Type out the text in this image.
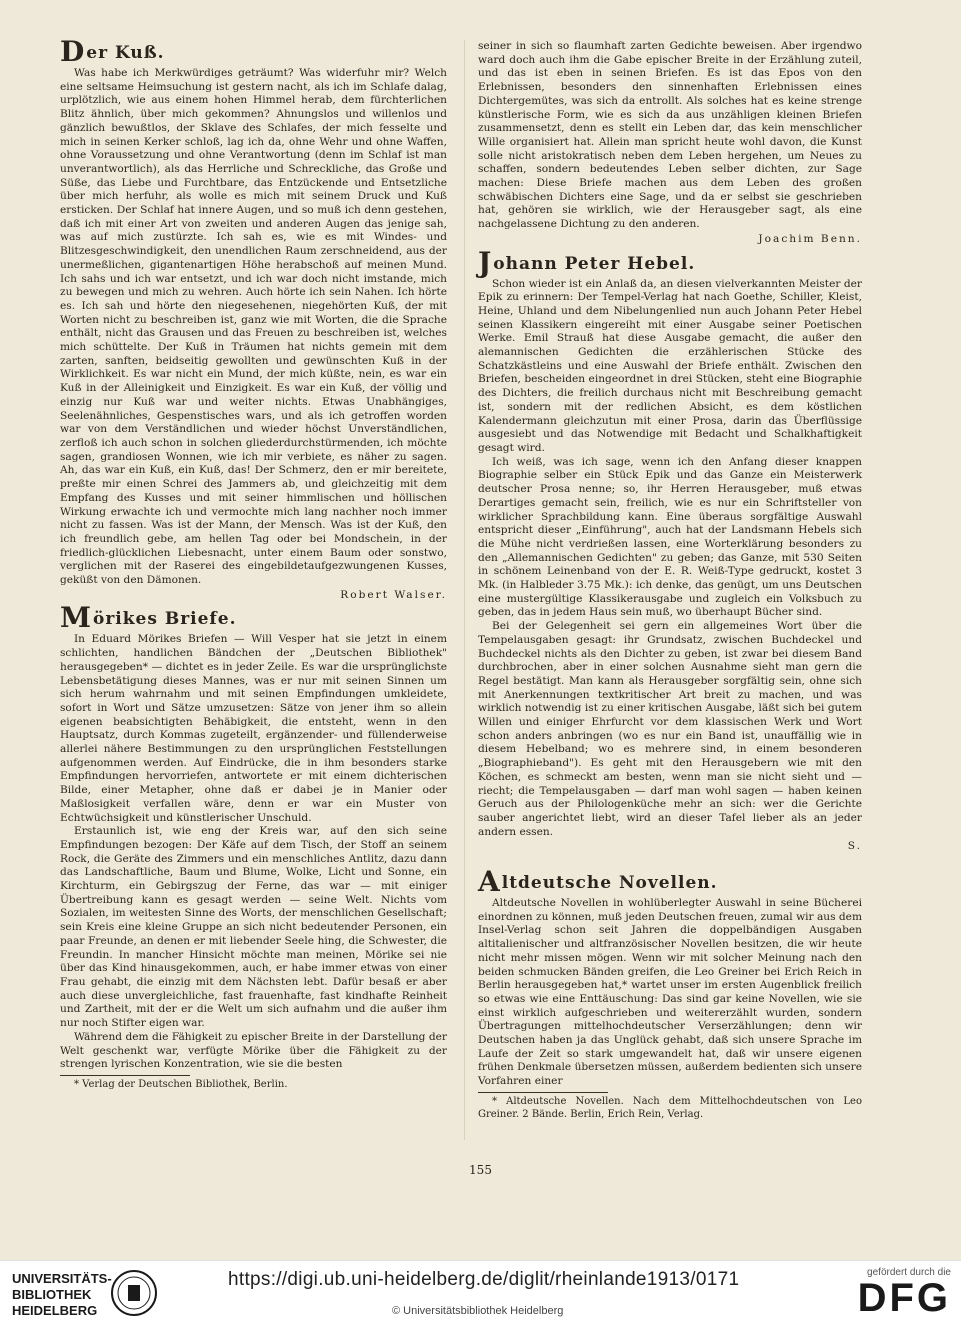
Der Kuß.

Was habe ich Merkwürdiges geträumt? Was widerfuhr mir? Welch eine seltsame Heimsuchung ist gestern nacht, als ich im Schlafe dalag, urplötzlich, wie aus einem hohen Himmel herab, dem fürchterlichen Blitz ähnlich, über mich gekommen? Ahnungslos und willenlos und gänzlich bewußtlos, der Sklave des Schlafes, der mich fesselte und mich in seinen Kerker schloß, lag ich da, ohne Wehr und ohne Waffen, ohne Voraussetzung und ohne Verantwortung (denn im Schlaf ist man unverantwortlich), als das Herrliche und Schreckliche, das Große und Süße, das Liebe und Furchtbare, das Entzückende und Entsetzliche über mich herfuhr, als wolle es mich mit seinem Druck und Kuß ersticken. Der Schlaf hat innere Augen, und so muß ich denn gestehen, daß ich mit einer Art von zweiten und anderen Augen das jenige sah, was auf mich zustürzte. Ich sah es, wie es mit Windes- und Blitzesgeschwindigkeit, den unendlichen Raum zerschneidend, aus der unermeßlichen, gigantenartigen Höhe herabschoß auf meinen Mund. Ich sahs und ich war entsetzt, und ich war doch nicht imstande, mich zu bewegen und mich zu wehren. Auch hörte ich sein Nahen. Ich hörte es. Ich sah und hörte den niegesehenen, niegehörten Kuß, der mit Worten nicht zu beschreiben ist, ganz wie mit Worten, die die Sprache enthält, nicht das Grausen und das Freuen zu beschreiben ist, welches mich schüttelte. Der Kuß in Träumen hat nichts gemein mit dem zarten, sanften, beidseitig gewollten und gewünschten Kuß in der Wirklichkeit. Es war nicht ein Mund, der mich küßte, nein, es war ein Kuß in der Alleinigkeit und Einzigkeit. Es war ein Kuß, der völlig und einzig nur Kuß war und weiter nichts. Etwas Unabhängiges, Seelenähnliches, Gespenstisches wars, und als ich getroffen worden war von dem Verständlichen und wieder höchst Unverständlichen, zerfloß ich auch schon in solchen gliederdurchstürmenden, ich möchte sagen, grandiosen Wonnen, wie ich mir verbiete, es näher zu sagen. Ah, das war ein Kuß, ein Kuß, das! Der Schmerz, den er mir bereitete, preßte mir einen Schrei des Jammers ab, und gleichzeitig mit dem Empfang des Kusses und mit seiner himmlischen und höllischen Wirkung erwachte ich und vermochte mich lang nachher noch immer nicht zu fassen. Was ist der Mann, der Mensch. Was ist der Kuß, den ich freundlich gebe, am hellen Tag oder bei Mondschein, in der friedlich-glücklichen Liebesnacht, unter einem Baum oder sonstwo, verglichen mit der Raserei des eingebildetaufgezwungenen Kusses, geküßt von den Dämonen.

Robert Walser.
Mörikes Briefe.

In Eduard Mörikes Briefen — Will Vesper hat sie jetzt in einem schlichten, handlichen Bändchen der „Deutschen Bibliothek" herausgegeben* — dichtet es in jeder Zeile. Es war die ursprünglichste Lebensbetätigung dieses Mannes, was er nur mit seinen Sinnen um sich herum wahrnahm und mit seinen Empfindungen umkleidete, sofort in Wort und Sätze umzusetzen: Sätze von jener ihm so allein eigenen beabsichtigten Behäbigkeit, die entsteht, wenn in den Hauptsatz, durch Kommas zugeteilt, ergänzender- und füllenderweise allerlei nähere Bestimmungen zu den ursprünglichen Feststellungen aufgenommen werden. Auf Eindrücke, die in ihm besonders starke Empfindungen hervorriefen, antwortete er mit einem dichterischen Bilde, einer Metapher, ohne daß er dabei je in Manier oder Maßlosigkeit verfallen wäre, denn er war ein Muster von Echtwüchsigkeit und künstlerischer Unschuld.

Erstaunlich ist, wie eng der Kreis war, auf den sich seine Empfindungen bezogen: Der Käfe auf dem Tisch, der Stoff an seinem Rock, die Geräte des Zimmers und ein menschliches Antlitz, dazu dann das Landschaftliche, Baum und Blume, Wolke, Licht und Sonne, ein Kirchturm, ein Gebirgszug der Ferne, das war — mit einiger Übertreibung kann es gesagt werden — seine Welt. Nichts vom Sozialen, im weitesten Sinne des Worts, der menschlichen Gesellschaft; sein Kreis eine kleine Gruppe an sich nicht bedeutender Personen, ein paar Freunde, an denen er mit liebender Seele hing, die Schwester, die Freundin. In mancher Hinsicht möchte man meinen, Mörike sei nie über das Kind hinausgekommen, auch, er habe immer etwas von einer Frau gehabt, die einzig mit dem Nächsten lebt. Dafür besaß er aber auch diese unvergleichliche, fast frauenhafte, fast kindhafte Reinheit und Zartheit, mit der er die Welt um sich aufnahm und die außer ihm nur noch Stifter eigen war.

Während dem die Fähigkeit zu epischer Breite in der Darstellung der Welt geschenkt war, verfügte Mörike über die Fähigkeit zu der strengen lyrischen Konzentration, wie sie die besten

* Verlag der Deutschen Bibliothek, Berlin.

seiner in sich so flaumhaft zarten Gedichte beweisen. Aber irgendwo ward doch auch ihm die Gabe epischer Breite in der Erzählung zuteil, und das ist eben in seinen Briefen. Es ist das Epos von den Erlebnissen, besonders den sinnenhaften Erlebnissen eines Dichtergemütes, was sich da entrollt. Als solches hat es keine strenge künstlerische Form, wie es sich da aus unzähligen kleinen Briefen zusammensetzt, denn es stellt ein Leben dar, das kein menschlicher Wille organisiert hat. Allein man spricht heute wohl davon, die Kunst solle nicht aristokratisch neben dem Leben hergehen, um Neues zu schaffen, sondern bedeutendes Leben selber dichten, zur Sage machen: Diese Briefe machen aus dem Leben des großen schwäbischen Dichters eine Sage, und da er selbst sie geschrieben hat, gehören sie wirklich, wie der Herausgeber sagt, als eine nachgelassene Dichtung zu den anderen.

Joachim Benn.
Johann Peter Hebel.

Schon wieder ist ein Anlaß da, an diesen vielverkannten Meister der Epik zu erinnern: Der Tempel-Verlag hat nach Goethe, Schiller, Kleist, Heine, Uhland und dem Nibelungenlied nun auch Johann Peter Hebel seinen Klassikern eingereiht mit einer Ausgabe seiner Poetischen Werke. Emil Strauß hat diese Ausgabe gemacht, die außer den alemannischen Gedichten die erzählerischen Stücke des Schatzkästleins und eine Auswahl der Briefe enthält. Zwischen den Briefen, bescheiden eingeordnet in drei Stücken, steht eine Biographie des Dichters, die freilich durchaus nicht mit Beschreibung gemacht ist, sondern mit der redlichen Absicht, es dem köstlichen Kalendermann gleichzutun mit einer Prosa, darin das Überflüssige ausgesiebt und das Notwendige mit Bedacht und Schalkhaftigkeit gesagt wird.

Ich weiß, was ich sage, wenn ich den Anfang dieser knappen Biographie selber ein Stück Epik und das Ganze ein Meisterwerk deutscher Prosa nenne; so, ihr Herren Herausgeber, muß etwas Derartiges gemacht sein, freilich, wie es nur ein Schriftsteller von wirklicher Sprachbildung kann. Eine überaus sorgfältige Auswahl entspricht dieser „Einführung", auch hat der Landsmann Hebels sich die Mühe nicht verdrießen lassen, eine Worterklärung besonders zu den „Allemannischen Gedichten" zu geben; das Ganze, mit 530 Seiten in schönem Leinenband von der E. R. Weiß-Type gedruckt, kostet 3 Mk. (in Halbleder 3.75 Mk.): ich denke, das genügt, um uns Deutschen eine mustergültige Klassikerausgabe und zugleich ein Volksbuch zu geben, das in jedem Haus sein muß, wo überhaupt Bücher sind.

Bei der Gelegenheit sei gern ein allgemeines Wort über die Tempelausgaben gesagt: ihr Grundsatz, zwischen Buchdeckel und Buchdeckel nichts als den Dichter zu geben, ist zwar bei diesem Band durchbrochen, aber in einer solchen Ausnahme sieht man gern die Regel bestätigt. Man kann als Herausgeber sorgfältig sein, ohne sich mit Anerkennungen textkritischer Art breit zu machen, und was wirklich notwendig ist zu einer kritischen Ausgabe, läßt sich bei gutem Willen und einiger Ehrfurcht vor dem klassischen Werk und Wort schon anders anbringen (wo es nur ein Band ist, unauffällig wie in diesem Hebelband; wo es mehrere sind, in einem besonderen „Biographieband"). Es geht mit den Herausgebern wie mit den Köchen, es schmeckt am besten, wenn man sie nicht sieht und — riecht; die Tempelausgaben — darf man wohl sagen — haben keinen Geruch aus der Philologenküche mehr an sich: wer die Gerichte sauber angerichtet liebt, wird an dieser Tafel lieber als an jeder andern essen.

S.
Altdeutsche Novellen.

Altdeutsche Novellen in wohlüberlegter Auswahl in seine Bücherei einordnen zu können, muß jeden Deutschen freuen, zumal wir aus dem Insel-Verlag schon seit Jahren die doppelbändigen Ausgaben altitalienischer und altfranzösischer Novellen besitzen, die wir heute nicht mehr missen mögen. Wenn wir mit solcher Meinung nach den beiden schmucken Bänden greifen, die Leo Greiner bei Erich Reich in Berlin herausgegeben hat,* wartet unser im ersten Augenblick freilich so etwas wie eine Enttäuschung: Das sind gar keine Novellen, wie sie einst wirklich aufgeschrieben und weitererzählt wurden, sondern Übertragungen mittelhochdeutscher Verserzählungen; denn wir Deutschen haben ja das Unglück gehabt, daß sich unsere Sprache im Laufe der Zeit so stark umgewandelt hat, daß wir unsere eigenen frühen Denkmale übersetzen müssen, außerdem bedienten sich unsere Vorfahren einer

* Altdeutsche Novellen. Nach dem Mittelhochdeutschen von Leo Greiner. 2 Bände. Berlin, Erich Rein, Verlag.

155
UNIVERSITÄTS-
BIBLIOTHEK
HEIDELBERG
https://digi.ub.uni-heidelberg.de/diglit/rheinlande1913/0171
© Universitätsbibliothek Heidelberg
gefördert durch die
DFG
